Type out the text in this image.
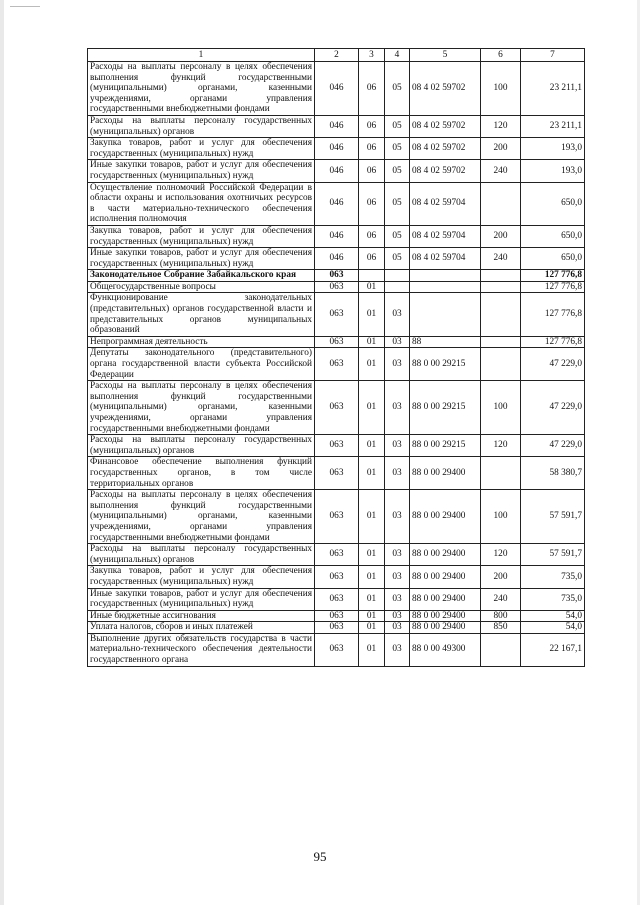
1	2	3	4	5	6	7
Расходы на выплаты персоналу в целях обеспечения выполнения функций государственными (муниципальными) органами, казенными учреждениями, органами управления государственными внебюджетными фондами	046	06	05	08 4 02 59702	100	23 211,1
Расходы на выплаты персоналу государственных (муниципальных) органов	046	06	05	08 4 02 59702	120	23 211,1
Закупка товаров, работ и услуг для обеспечения государственных (муниципальных) нужд	046	06	05	08 4 02 59702	200	193,0
Иные закупки товаров, работ и услуг для обеспечения государственных (муниципальных) нужд	046	06	05	08 4 02 59702	240	193,0
Осуществление полномочий Российской Федерации в области охраны и использования охотничьих ресурсов в части материально-технического обеспечения исполнения полномочия	046	06	05	08 4 02 59704		650,0
Закупка товаров, работ и услуг для обеспечения государственных (муниципальных) нужд	046	06	05	08 4 02 59704	200	650,0
Иные закупки товаров, работ и услуг для обеспечения государственных (муниципальных) нужд	046	06	05	08 4 02 59704	240	650,0
Законодательное Собрание Забайкальского края	063					127 776,8
Общегосударственные вопросы	063	01				127 776,8
Функционирование законодательных (представительных) органов государственной власти и представительных органов муниципальных образований	063	01	03			127 776,8
Непрограммная деятельность	063	01	03	88		127 776,8
Депутаты законодательного (представительного) органа государственной власти субъекта Российской Федерации	063	01	03	88 0 00 29215		47 229,0
Расходы на выплаты персоналу в целях обеспечения выполнения функций государственными (муниципальными) органами, казенными учреждениями, органами управления государственными внебюджетными фондами	063	01	03	88 0 00 29215	100	47 229,0
Расходы на выплаты персоналу государственных (муниципальных) органов	063	01	03	88 0 00 29215	120	47 229,0
Финансовое обеспечение выполнения функций государственных органов, в том числе территориальных органов	063	01	03	88 0 00 29400		58 380,7
Расходы на выплаты персоналу в целях обеспечения выполнения функций государственными (муниципальными) органами, казенными учреждениями, органами управления государственными внебюджетными фондами	063	01	03	88 0 00 29400	100	57 591,7
Расходы на выплаты персоналу государственных (муниципальных) органов	063	01	03	88 0 00 29400	120	57 591,7
Закупка товаров, работ и услуг для обеспечения государственных (муниципальных) нужд	063	01	03	88 0 00 29400	200	735,0
Иные закупки товаров, работ и услуг для обеспечения государственных (муниципальных) нужд	063	01	03	88 0 00 29400	240	735,0
Иные бюджетные ассигнования	063	01	03	88 0 00 29400	800	54,0
Уплата налогов, сборов и иных платежей	063	01	03	88 0 00 29400	850	54,0
Выполнение других обязательств государства в части материально-технического обеспечения деятельности государственного органа	063	01	03	88 0 00 49300		22 167,1
95
